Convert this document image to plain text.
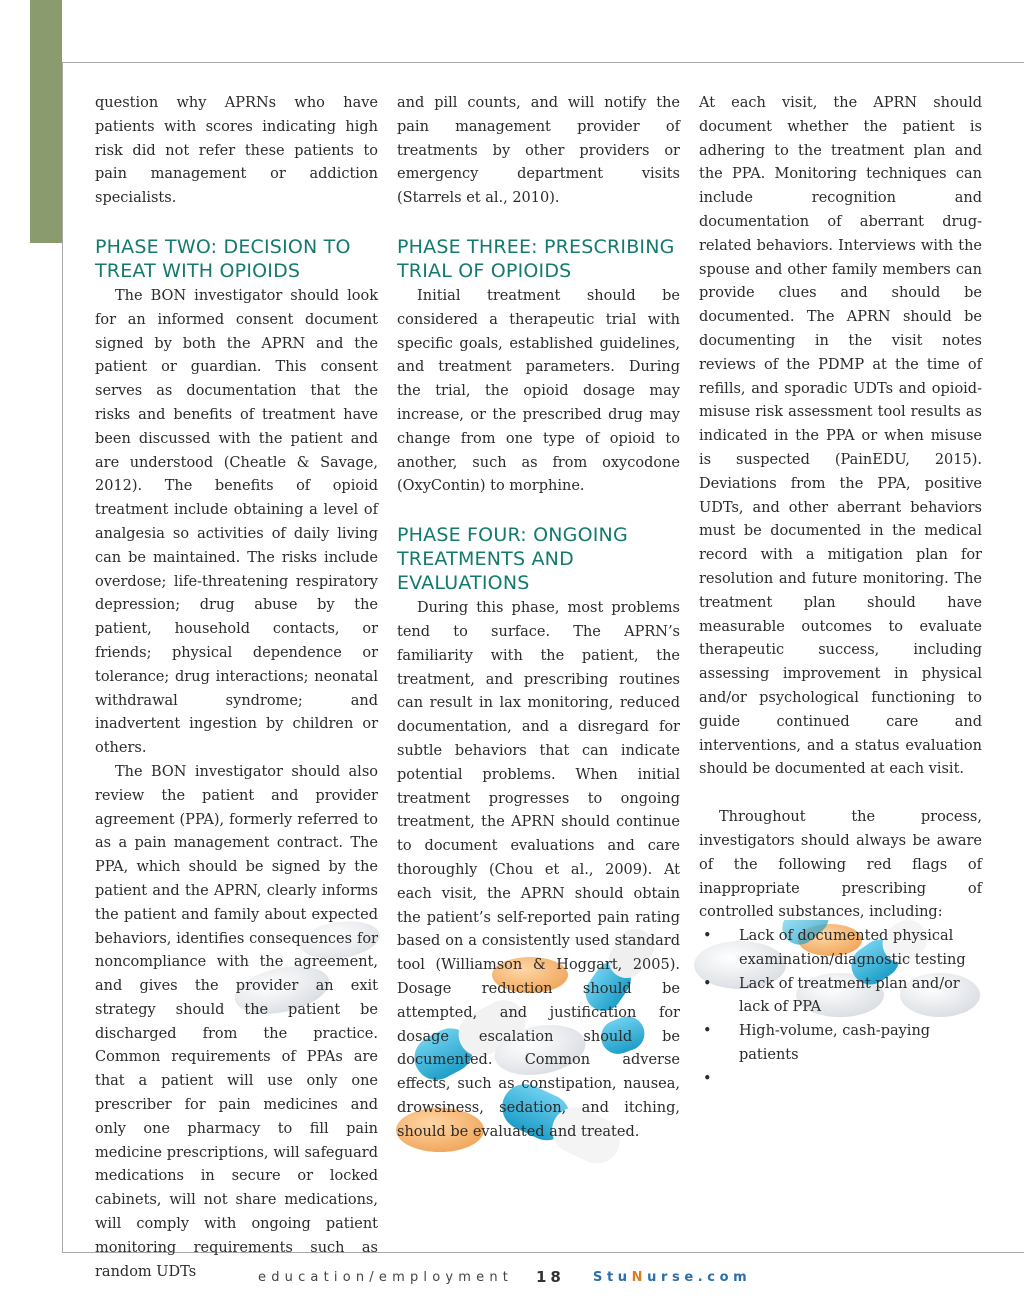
question why APRNs who have patients with scores indicating high risk did not refer these patients to pain management or addiction specialists.

PHASE TWO: DECISION TO TREAT WITH OPIOIDS

The BON investigator should look for an informed consent document signed by both the APRN and the patient or guardian. This consent serves as documentation that the risks and benefits of treatment have been discussed with the patient and are understood (Cheatle & Savage, 2012). The benefits of opioid treatment include obtaining a level of analgesia so activities of daily living can be maintained. The risks include overdose; life-threatening respiratory depression; drug abuse by the patient, household contacts, or friends; physical dependence or tolerance; drug interactions; neonatal withdrawal syndrome; and inadvertent ingestion by children or others.

The BON investigator should also review the patient and provider agreement (PPA), formerly referred to as a pain management contract. The PPA, which should be signed by the patient and the APRN, clearly informs the patient and family about expected behaviors, identifies consequences for noncompliance with the agreement, and gives the provider an exit strategy should the patient be discharged from the practice. Common requirements of PPAs are that a patient will use only one prescriber for pain medicines and only one pharmacy to fill pain medicine prescriptions, will safeguard medications in secure or locked cabinets, will not share medications, will comply with ongoing patient monitoring requirements such as random UDTs

and pill counts, and will notify the pain management provider of treatments by other providers or emergency department visits (Starrels et al., 2010).

PHASE THREE: PRESCRIBING TRIAL OF OPIOIDS

Initial treatment should be considered a therapeutic trial with specific goals, established guidelines, and treatment parameters. During the trial, the opioid dosage may increase, or the prescribed drug may change from one type of opioid to another, such as from oxycodone (OxyContin) to morphine.

PHASE FOUR: ONGOING TREATMENTS AND EVALUATIONS

During this phase, most problems tend to surface. The APRN’s familiarity with the patient, the treatment, and prescribing routines can result in lax monitoring, reduced documentation, and a disregard for subtle behaviors that can indicate potential problems. When initial treatment progresses to ongoing treatment, the APRN should continue to document evaluations and care thoroughly (Chou et al., 2009). At each visit, the APRN should obtain the patient’s self-reported pain rating based on a consistently used standard tool (Williamson & Hoggart, 2005). Dosage reduction should be attempted, and justification for dosage escalation should be documented. Common adverse effects, such as constipation, nausea, drowsiness, sedation, and itching, should be evaluated and treated.

At each visit, the APRN should document whether the patient is adhering to the treatment plan and the PPA. Monitoring techniques can include recognition and documentation of aberrant drug-related behaviors. Interviews with the spouse and other family members can provide clues and should be documented. The APRN should be documenting in the visit notes reviews of the PDMP at the time of refills, and sporadic UDTs and opioid-misuse risk assessment tool results as indicated in the PPA or when misuse is suspected (PainEDU, 2015). Deviations from the PPA, positive UDTs, and other aberrant behaviors must be documented in the medical record with a mitigation plan for resolution and future monitoring. The treatment plan should have measurable outcomes to evaluate therapeutic success, including assessing improvement in physical and/or psychological functioning to guide continued care and interventions, and a status evaluation should be documented at each visit.

Throughout the process, investigators should always be aware of the following red flags of inappropriate prescribing of controlled substances, including:

• Lack of documented physical examination/diagnostic testing
• Lack of treatment plan and/or lack of PPA
• High-volume, cash-paying patients
•
education/employment 18 StuNurse.com
